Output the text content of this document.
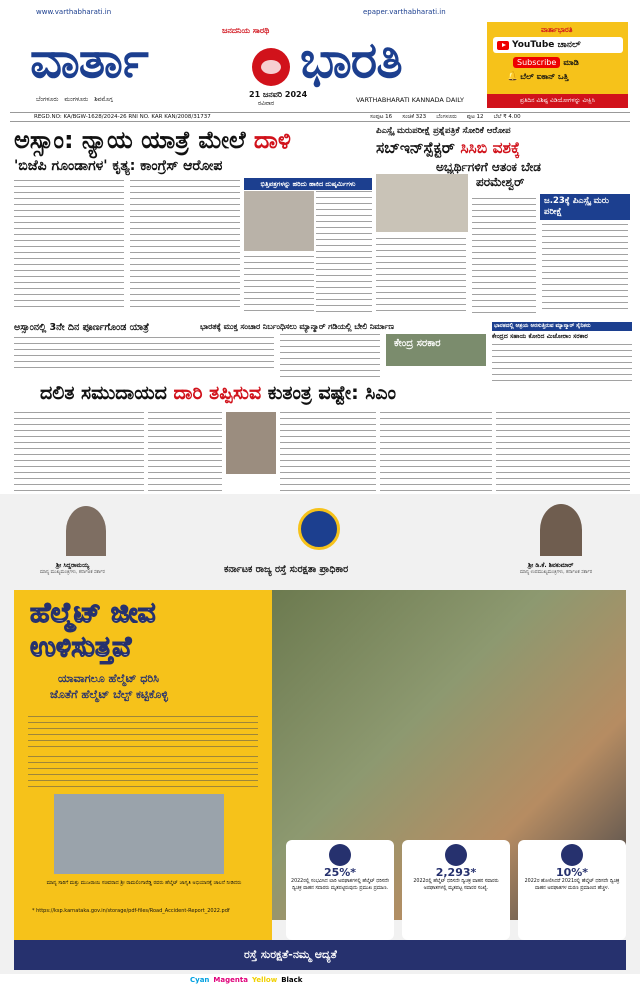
www.varthabharati.in
ಜನದನಿಯ ಸಾರಥಿ
epaper.varthabharati.in
ವಾರ್ತಾ	ಭಾರತಿ
21 ಜನವರಿ 2024
ರವಿವಾರ	VARTHABHARATI KANNADA DAILY
ಬೆಂಗಳೂರು ಮಂಗಳೂರು ಶಿವಮೊಗ್ಗ
ವಾರ್ತಾಭಾರತಿ
YouTube ಚಾನಲ್
Subscribe ಮಾಡಿ
🔔 ಬೆಲ್ ಐಕಾನ್ ಒತ್ತಿ
ಪ್ರತಿದಿನ ವಿಶಿಷ್ಟ ವಿಡಿಯೋಗಳನ್ನು ವೀಕ್ಷಿಸಿ
REGD.NO: KA/BGW-1628/2024-26 RNI NO. KAR KAN/2008/31737	ಸಂಪುಟ 16 ಸಂಚಿಕೆ 323 ಬೆಂಗಳೂರು ಪುಟ 12 ಬೆಲೆ ₹ 4.00
ಅಸ್ಸಾಂ: ನ್ಯಾಯ ಯಾತ್ರೆ ಮೇಲೆ ದಾಳಿ
'ಬಿಜೆಪಿ ಗೂಂಡಾಗಳ' ಕೃತ್ಯ: ಕಾಂಗ್ರೆಸ್ ಆರೋಪ
ಭಿತ್ತಿಪತ್ರಗಳನ್ನು ಹರಿದು ಹಾಕಿದ ದುಷ್ಕರ್ಮಿಗಳು
ಪಿಎಸ್ಸೈ ಮರುಪರೀಕ್ಷೆ ಪ್ರಶ್ನೆಪತ್ರಿಕೆ ಸೋರಿಕೆ ಆರೋಪ
ಸಬ್‌ಇನ್‌ಸ್ಪೆಕ್ಟರ್ ಸಿಸಿಬಿ ವಶಕ್ಕೆ
ಅಭ್ಯರ್ಥಿಗಳಿಗೆ ಆತಂಕ ಬೇಡ
ಪರಮೇಶ್ವರ್
ಜ.23ಕ್ಕೆ ಪಿಎಸ್ಸೈ ಮರು ಪರೀಕ್ಷೆ
ಅಸ್ಸಾಂನಲ್ಲಿ 3ನೇ ದಿನ ಪೂರ್ಣಗೊಂಡ ಯಾತ್ರೆ	ಭಾರತಕ್ಕೆ ಮುಕ್ತ ಸಂಚಾರ ನಿರ್ಬಂಧಿಸಲು ಮ್ಯಾನ್ಮಾರ್ ಗಡಿಯಲ್ಲಿ ಬೇಲಿ ನಿರ್ಮಾಣ
ಕೇಂದ್ರ ಸರಕಾರ
ಭಾರತದಲ್ಲಿ ಆಶ್ರಯ ಅರಸುತ್ತಿರುವ ಮ್ಯಾನ್ಮಾರ್ ಸೈನಿಕರು
ಕೇಂದ್ರದ ಸಹಾಯ ಕೋರಿದ ಮಿಜೋರಾಂ ಸರಕಾರ
ದಲಿತ ಸಮುದಾಯದ ದಾರಿ ತಪ್ಪಿಸುವ ಕುತಂತ್ರ ವಷ್ಟೇ: ಸಿಎಂ
ಶ್ರೀ ಸಿದ್ದರಾಮಯ್ಯ
ಮಾನ್ಯ ಮುಖ್ಯಮಂತ್ರಿಗಳು, ಕರ್ನಾಟಕ ಸರ್ಕಾರ	ಕರ್ನಾಟಕ ರಾಜ್ಯ ರಸ್ತೆ ಸುರಕ್ಷತಾ ಪ್ರಾಧಿಕಾರ	ಶ್ರೀ ಡಿ.ಕೆ. ಶಿವಕುಮಾರ್
ಮಾನ್ಯ ಉಪಮುಖ್ಯಮಂತ್ರಿಗಳು, ಕರ್ನಾಟಕ ಸರ್ಕಾರ
ಹೆಲ್ಮೆಟ್ ಜೀವ
ಉಳಿಸುತ್ತವೆ
ಯಾವಾಗಲೂ ಹೆಲ್ಮೆಟ್ ಧರಿಸಿ
ಜೊತೆಗೆ ಹೆಲ್ಮೆಟ್ ಬೆಲ್ಟ್ ಕಟ್ಟಿಕೊಳ್ಳಿ
ಮಾನ್ಯ ಸಾರಿಗೆ ಮತ್ತು ಮುಜರಾಯಿ ಸಚಿವರಾದ ಶ್ರೀ ರಾಮಲಿಂಗಾರೆಡ್ಡಿ ರವರು ಹೆಲ್ಮೆಟ್ ಜಾಗೃತಿ ಅಭಿಯಾನಕ್ಕೆ ಚಾಲನೆ ನೀಡಿದರು
* https://ksp.karnataka.gov.in/storage/pdf-files/Road_Accident-Report_2022.pdf
25%*
2022ರಲ್ಲಿ ಸಂಭವಿಸಿದ ಲಾರಿ ಅಪಘಾತಗಳಲ್ಲಿ ಹೆಲ್ಮೆಟ್ ಧರಿಸದೇ ದ್ವಿಚಕ್ರ ವಾಹನ ಸವಾರರು ಮೃತಪಟ್ಟಿರುವುದು ಪ್ರಮುಖ ಪ್ರಮಾಣ.
2,293*
2022ರಲ್ಲಿ ಹೆಲ್ಮೆಟ್ ಧರಿಸದೇ ದ್ವಿಚಕ್ರ ವಾಹನ ಸವಾರರು ಅಪಘಾತಗಳಲ್ಲಿ ಮೃತಪಟ್ಟ ಸವಾರರ ಸಂಖ್ಯೆ.
10%*
2022ರ ಹೋಲಿಸಿದರೆ 2021ರಲ್ಲಿ ಹೆಲ್ಮೆಟ್ ಧರಿಸದೇ ದ್ವಿಚಕ್ರ ವಾಹನ ಅಪಘಾತಗಳ ಮರಣ ಪ್ರಮಾಣದ ಹೆಚ್ಚಳ.
ರಸ್ತೆ ಸುರಕ್ಷತೆ-ನಮ್ಮ ಆದ್ಯತೆ
Cyan Magenta Yellow Black
